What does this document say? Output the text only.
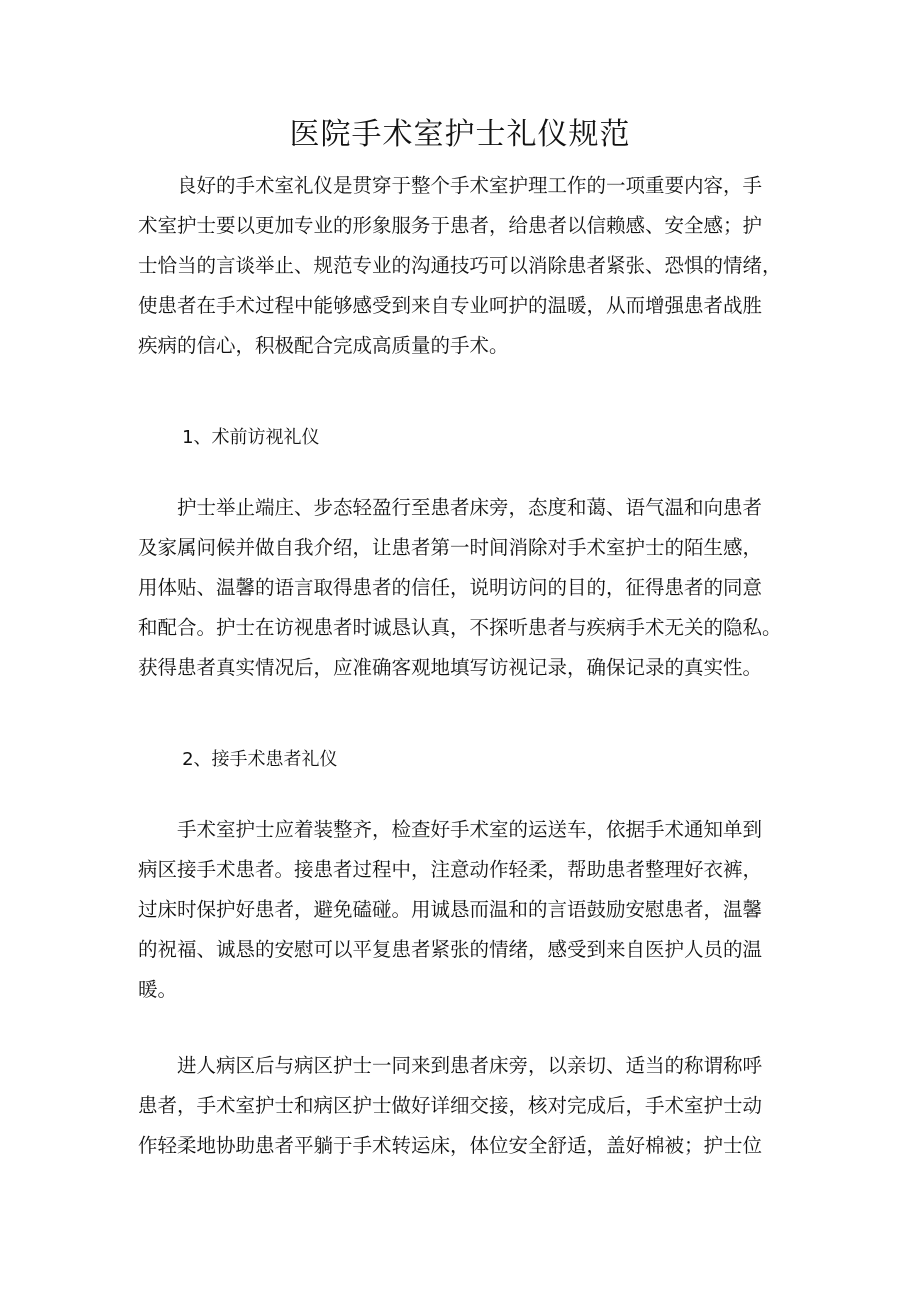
医院手术室护士礼仪规范
良好的手术室礼仪是贯穿于整个手术室护理工作的一项重要内容，手
术室护士要以更加专业的形象服务于患者，给患者以信赖感、安全感；护
士恰当的言谈举止、规范专业的沟通技巧可以消除患者紧张、恐惧的情绪，
使患者在手术过程中能够感受到来自专业呵护的温暖，从而增强患者战胜
疾病的信心，积极配合完成高质量的手术。
1、术前访视礼仪
护士举止端庄、步态轻盈行至患者床旁，态度和蔼、语气温和向患者
及家属问候并做自我介绍，让患者第一时间消除对手术室护士的陌生感，
用体贴、温馨的语言取得患者的信任，说明访问的目的，征得患者的同意
和配合。护士在访视患者时诚恳认真，不探听患者与疾病手术无关的隐私。
获得患者真实情况后，应准确客观地填写访视记录，确保记录的真实性。
2、接手术患者礼仪
手术室护士应着装整齐，检查好手术室的运送车，依据手术通知单到
病区接手术患者。接患者过程中，注意动作轻柔，帮助患者整理好衣裤，
过床时保护好患者，避免磕碰。用诚恳而温和的言语鼓励安慰患者，温馨
的祝福、诚恳的安慰可以平复患者紧张的情绪，感受到来自医护人员的温
暖。
进人病区后与病区护士一同来到患者床旁，以亲切、适当的称谓称呼
患者，手术室护士和病区护士做好详细交接，核对完成后，手术室护士动
作轻柔地协助患者平躺于手术转运床，体位安全舒适，盖好棉被；护士位
